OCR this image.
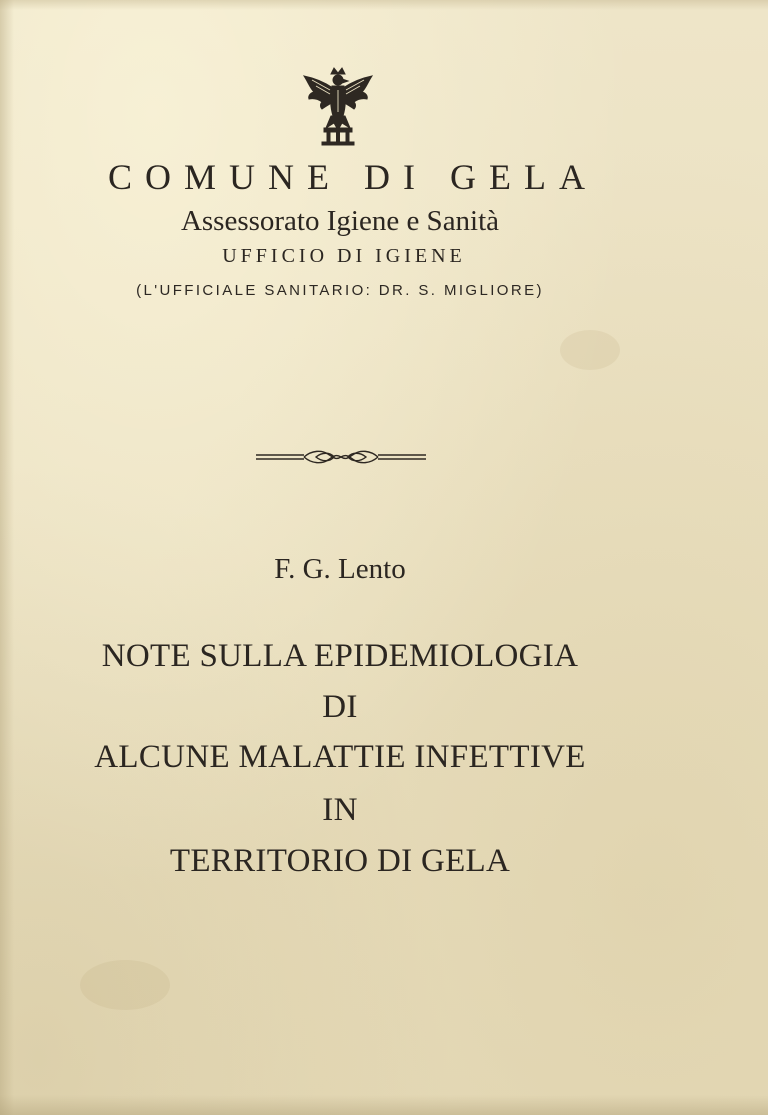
COMUNE DI GELA
Assessorato Igiene e Sanità
UFFICIO DI IGIENE
(L'UFFICIALE SANITARIO: DR. S. MIGLIORE)
F. G. Lento
NOTE SULLA EPIDEMIOLOGIA
DI
ALCUNE MALATTIE INFETTIVE
IN
TERRITORIO DI GELA
